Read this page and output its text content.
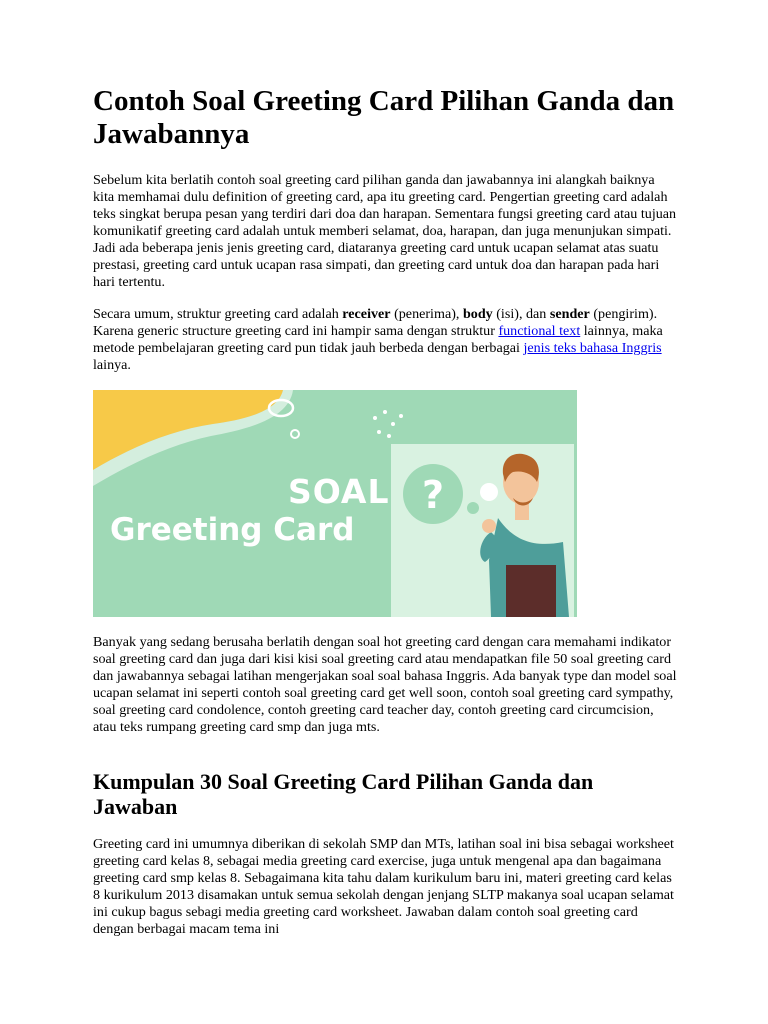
Contoh Soal Greeting Card Pilihan Ganda dan Jawabannya

Sebelum kita berlatih contoh soal greeting card pilihan ganda dan jawabannya ini alangkah baiknya kita memhamai dulu definition of greeting card, apa itu greeting card. Pengertian greeting card adalah teks singkat berupa pesan yang terdiri dari doa dan harapan. Sementara fungsi greeting card atau tujuan komunikatif greeting card adalah untuk memberi selamat, doa, harapan, dan juga menunjukan simpati. Jadi ada beberapa jenis jenis greeting card, diataranya greeting card untuk ucapan selamat atas suatu prestasi, greeting card untuk ucapan rasa simpati, dan greeting card untuk doa dan harapan pada hari hari tertentu.

Secara umum, struktur greeting card adalah receiver (penerima), body (isi), dan sender (pengirim). Karena generic structure greeting card ini hampir sama dengan struktur functional text lainnya, maka metode pembelajaran greeting card pun tidak jauh berbeda dengan berbagai jenis teks bahasa Inggris lainya.

?
SOAL
Greeting Card

Banyak yang sedang berusaha berlatih dengan soal hot greeting card dengan cara memahami indikator soal greeting card dan juga dari kisi kisi soal greeting card atau mendapatkan file 50 soal greeting card dan jawabannya sebagai latihan mengerjakan soal soal bahasa Inggris. Ada banyak type dan model soal ucapan selamat ini seperti contoh soal greeting card get well soon, contoh soal greeting card sympathy, soal greeting card condolence, contoh greeting card teacher day, contoh greeting card circumcision, atau teks rumpang greeting card smp dan juga mts.

Kumpulan 30 Soal Greeting Card Pilihan Ganda dan Jawaban

Greeting card ini umumnya diberikan di sekolah SMP dan MTs, latihan soal ini bisa sebagai worksheet greeting card kelas 8, sebagai media greeting card exercise, juga untuk mengenal apa dan bagaimana greeting card smp kelas 8. Sebagaimana kita tahu dalam kurikulum baru ini, materi greeting card kelas 8 kurikulum 2013 disamakan untuk semua sekolah dengan jenjang SLTP makanya soal ucapan selamat ini cukup bagus sebagi media greeting card worksheet. Jawaban dalam contoh soal greeting card dengan berbagai macam tema ini
